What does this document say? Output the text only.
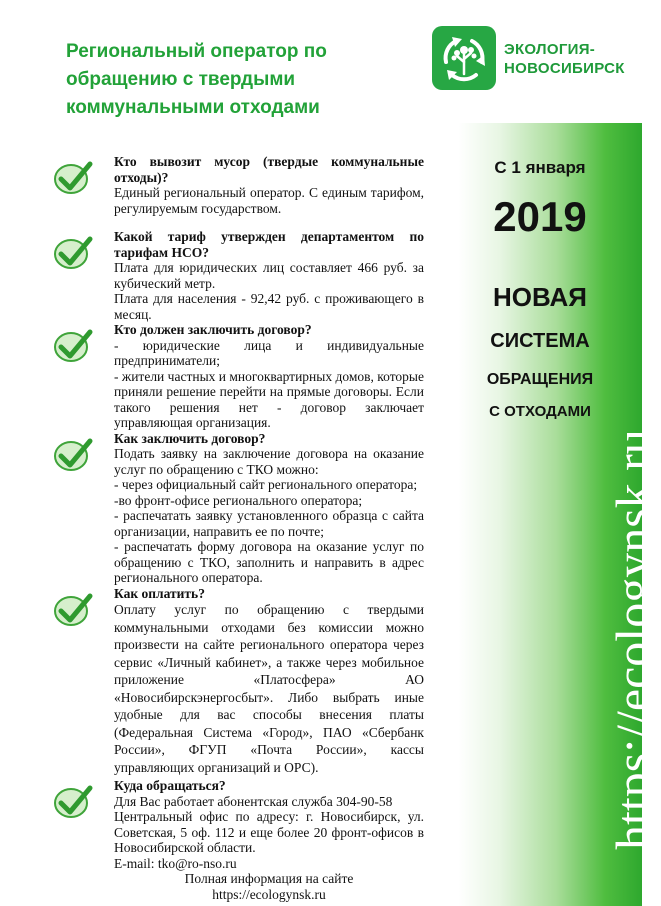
Региональный оператор по обращению с твердыми коммунальными отходами
ЭКОЛОГИЯ-
НОВОСИБИРСК
С 1 января
2019
НОВАЯ
СИСТЕМА
ОБРАЩЕНИЯ
С ОТХОДАМИ
https://ecologynsk.ru
Кто вывозит мусор (твердые коммунальные отходы)?
Единый региональный оператор. С единым тарифом, регулируемым государством.
Какой тариф утвержден департаментом по тарифам НСО?
Плата для юридических лиц составляет 466 руб. за кубический метр.
Плата для населения - 92,42 руб. с проживающего в месяц.
Кто должен заключить договор?
- юридические лица и индивидуальные предприниматели;
- жители частных и многоквартирных домов, которые приняли решение перейти на прямые договоры. Если такого решения нет - договор заключает управляющая организация.
Как заключить договор?
Подать заявку на заключение договора на оказание услуг по обращению с ТКО можно:
- через официальный сайт регионального оператора;
-во фронт-офисе регионального оператора;
- распечатать заявку установленного образца с сайта организации, направить ее по почте;
- распечатать форму договора на оказание услуг по обращению с ТКО, заполнить и направить в адрес регионального оператора.
Как оплатить?
Оплату услуг по обращению с твердыми коммунальными отходами без комиссии можно произвести на сайте регионального оператора через сервис «Личный кабинет», а также через мобильное приложение «Платосфера» АО «Новосибирскэнергосбыт». Либо выбрать иные удобные для вас способы внесения платы (Федеральная Система «Город», ПАО «Сбербанк России», ФГУП «Почта России», кассы управляющих организаций и ОРС).
Куда обращаться?
Для Вас работает абонентская служба 304-90-58
Центральный офис по адресу: г. Новосибирск, ул. Советская, 5 оф. 112 и еще более 20 фронт-офисов в Новосибирской области.
E-mail: tko@ro-nso.ru
Полная информация на сайте
https://ecologynsk.ru
